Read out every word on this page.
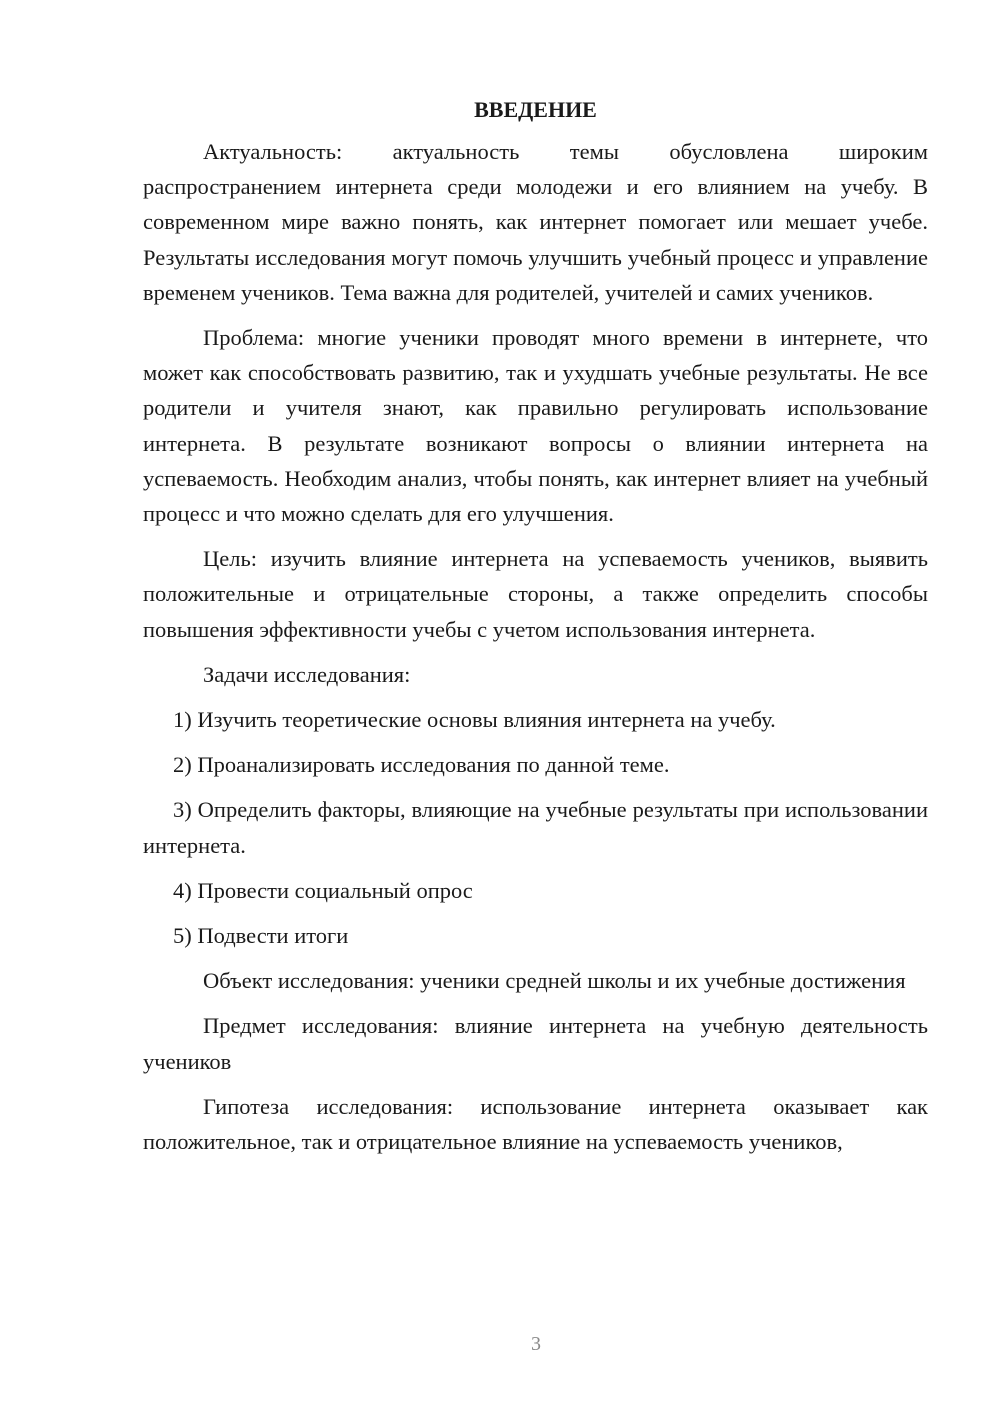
ВВЕДЕНИЕ

Актуальность: актуальность темы обусловлена широким распространением интернета среди молодежи и его влиянием на учебу. В современном мире важно понять, как интернет помогает или мешает учебе. Результаты исследования могут помочь улучшить учебный процесс и управление временем учеников. Тема важна для родителей, учителей и самих учеников.

Проблема: многие ученики проводят много времени в интернете, что может как способствовать развитию, так и ухудшать учебные результаты. Не все родители и учителя знают, как правильно регулировать использование интернета. В результате возникают вопросы о влиянии интернета на успеваемость. Необходим анализ, чтобы понять, как интернет влияет на учебный процесс и что можно сделать для его улучшения.

Цель: изучить влияние интернета на успеваемость учеников, выявить положительные и отрицательные стороны, а также определить способы повышения эффективности учебы с учетом использования интернета.

Задачи исследования:

1) Изучить теоретические основы влияния интернета на учебу.
2) Проанализировать исследования по данной теме.
3) Определить факторы, влияющие на учебные результаты при использовании интернета.
4) Провести социальный опрос
5) Подвести итоги

Объект исследования: ученики средней школы и их учебные достижения

Предмет исследования: влияние интернета на учебную деятельность учеников

Гипотеза исследования: использование интернета оказывает как положительное, так и отрицательное влияние на успеваемость учеников,

3
